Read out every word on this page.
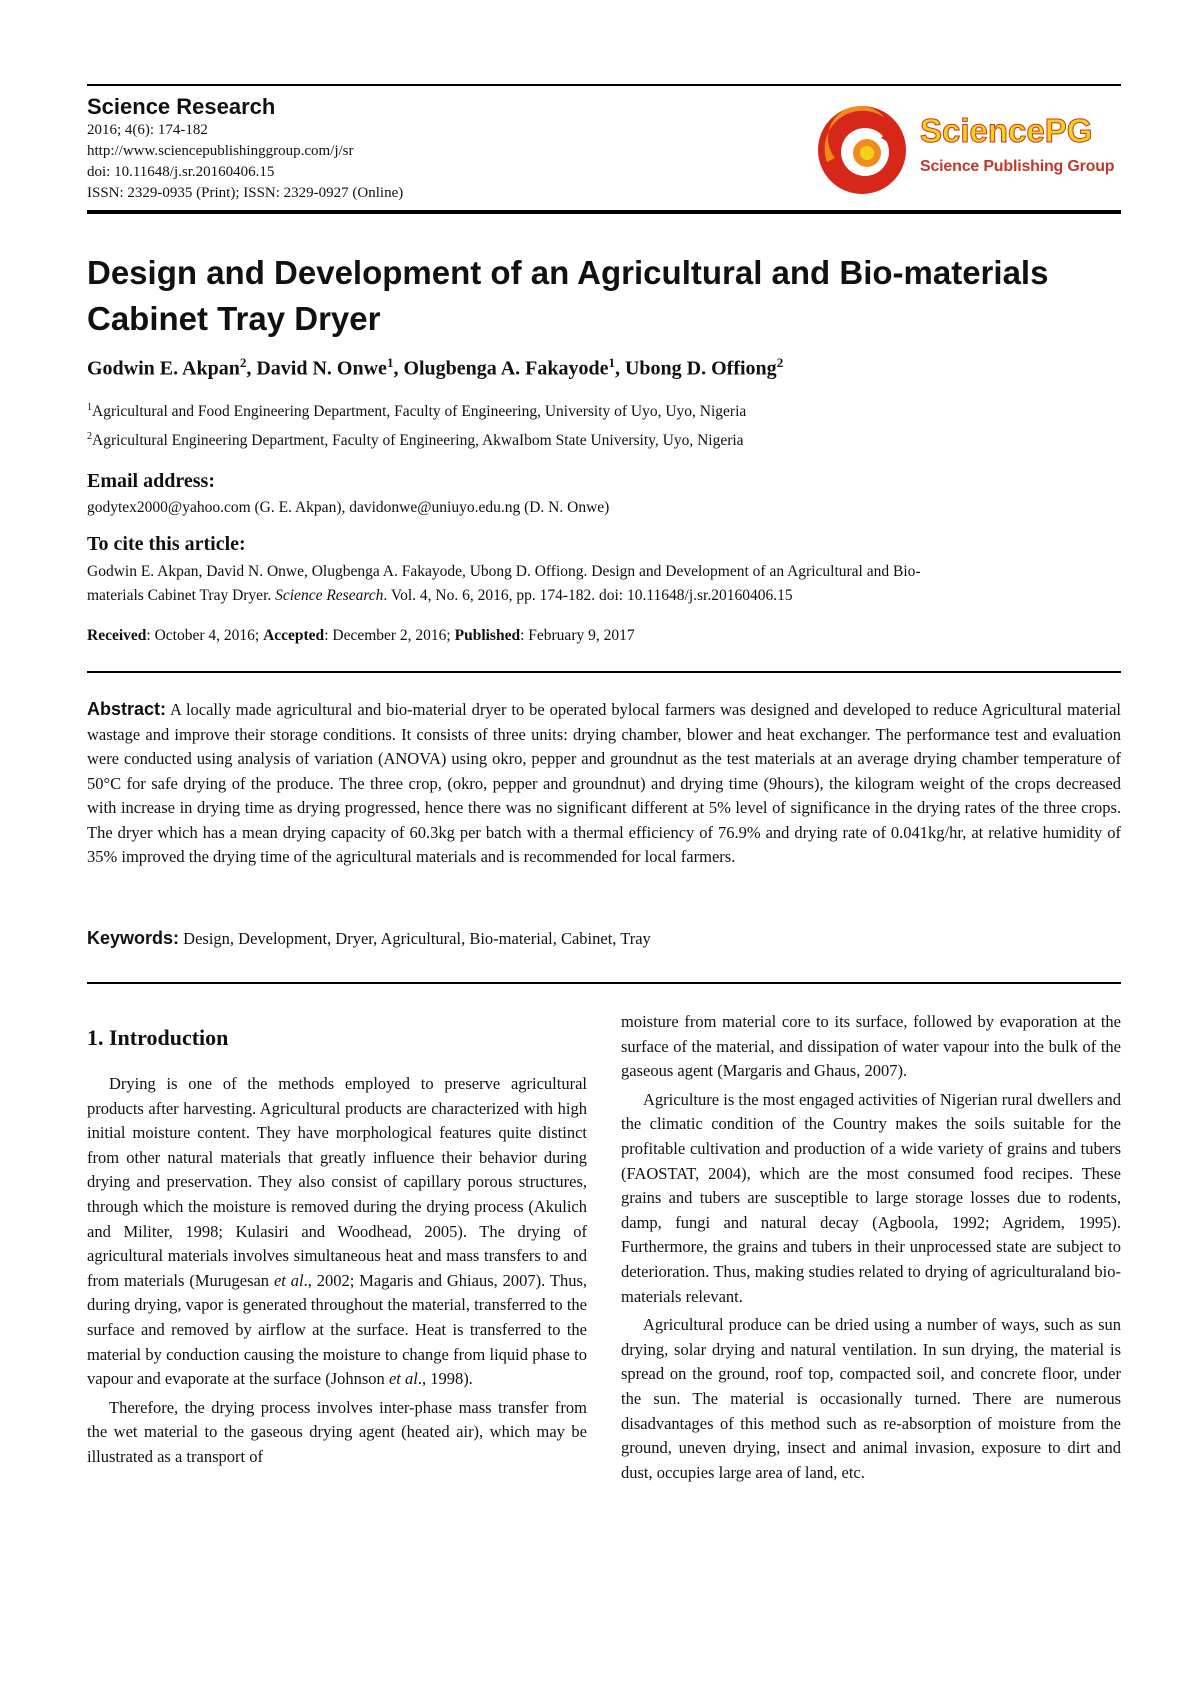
Science Research
2016; 4(6): 174-182
http://www.sciencepublishinggroup.com/j/sr
doi: 10.11648/j.sr.20160406.15
ISSN: 2329-0935 (Print); ISSN: 2329-0927 (Online)
SciencePG
Science Publishing Group
Design and Development of an Agricultural and Bio-materials Cabinet Tray Dryer
Godwin E. Akpan$^2$, David N. Onwe$^1$, Olugbenga A. Fakayode$^1$, Ubong D. Offiong$^2$
$^1$Agricultural and Food Engineering Department, Faculty of Engineering, University of Uyo, Uyo, Nigeria
$^2$Agricultural Engineering Department, Faculty of Engineering, AkwaIbom State University, Uyo, Nigeria
Email address:
godytex2000@yahoo.com (G. E. Akpan), davidonwe@uniuyo.edu.ng (D. N. Onwe)
To cite this article:
Godwin E. Akpan, David N. Onwe, Olugbenga A. Fakayode, Ubong D. Offiong. Design and Development of an Agricultural and Bio-
materials Cabinet Tray Dryer. Science Research. Vol. 4, No. 6, 2016, pp. 174-182. doi: 10.11648/j.sr.20160406.15
Received: October 4, 2016; Accepted: December 2, 2016; Published: February 9, 2017
Abstract: A locally made agricultural and bio-material dryer to be operated bylocal farmers was designed and developed to reduce Agricultural material wastage and improve their storage conditions. It consists of three units: drying chamber, blower and heat exchanger. The performance test and evaluation were conducted using analysis of variation (ANOVA) using okro, pepper and groundnut as the test materials at an average drying chamber temperature of 50°C for safe drying of the produce. The three crop, (okro, pepper and groundnut) and drying time (9hours), the kilogram weight of the crops decreased with increase in drying time as drying progressed, hence there was no significant different at 5% level of significance in the drying rates of the three crops. The dryer which has a mean drying capacity of 60.3kg per batch with a thermal efficiency of 76.9% and drying rate of 0.041kg/hr, at relative humidity of 35% improved the drying time of the agricultural materials and is recommended for local farmers.
Keywords: Design, Development, Dryer, Agricultural, Bio-material, Cabinet, Tray
1. Introduction

Drying is one of the methods employed to preserve agricultural products after harvesting. Agricultural products are characterized with high initial moisture content. They have morphological features quite distinct from other natural materials that greatly influence their behavior during drying and preservation. They also consist of capillary porous structures, through which the moisture is removed during the drying process (Akulich and Militer, 1998; Kulasiri and Woodhead, 2005). The drying of agricultural materials involves simultaneous heat and mass transfers to and from materials (Murugesan et al., 2002; Magaris and Ghiaus, 2007). Thus, during drying, vapor is generated throughout the material, transferred to the surface and removed by airflow at the surface. Heat is transferred to the material by conduction causing the moisture to change from liquid phase to vapour and evaporate at the surface (Johnson et al., 1998).

Therefore, the drying process involves inter-phase mass transfer from the wet material to the gaseous drying agent (heated air), which may be illustrated as a transport of

moisture from material core to its surface, followed by evaporation at the surface of the material, and dissipation of water vapour into the bulk of the gaseous agent (Margaris and Ghaus, 2007).

Agriculture is the most engaged activities of Nigerian rural dwellers and the climatic condition of the Country makes the soils suitable for the profitable cultivation and production of a wide variety of grains and tubers (FAOSTAT, 2004), which are the most consumed food recipes. These grains and tubers are susceptible to large storage losses due to rodents, damp, fungi and natural decay (Agboola, 1992; Agridem, 1995). Furthermore, the grains and tubers in their unprocessed state are subject to deterioration. Thus, making studies related to drying of agriculturaland bio-materials relevant.

Agricultural produce can be dried using a number of ways, such as sun drying, solar drying and natural ventilation. In sun drying, the material is spread on the ground, roof top, compacted soil, and concrete floor, under the sun. The material is occasionally turned. There are numerous disadvantages of this method such as re-absorption of moisture from the ground, uneven drying, insect and animal invasion, exposure to dirt and dust, occupies large area of land, etc.
